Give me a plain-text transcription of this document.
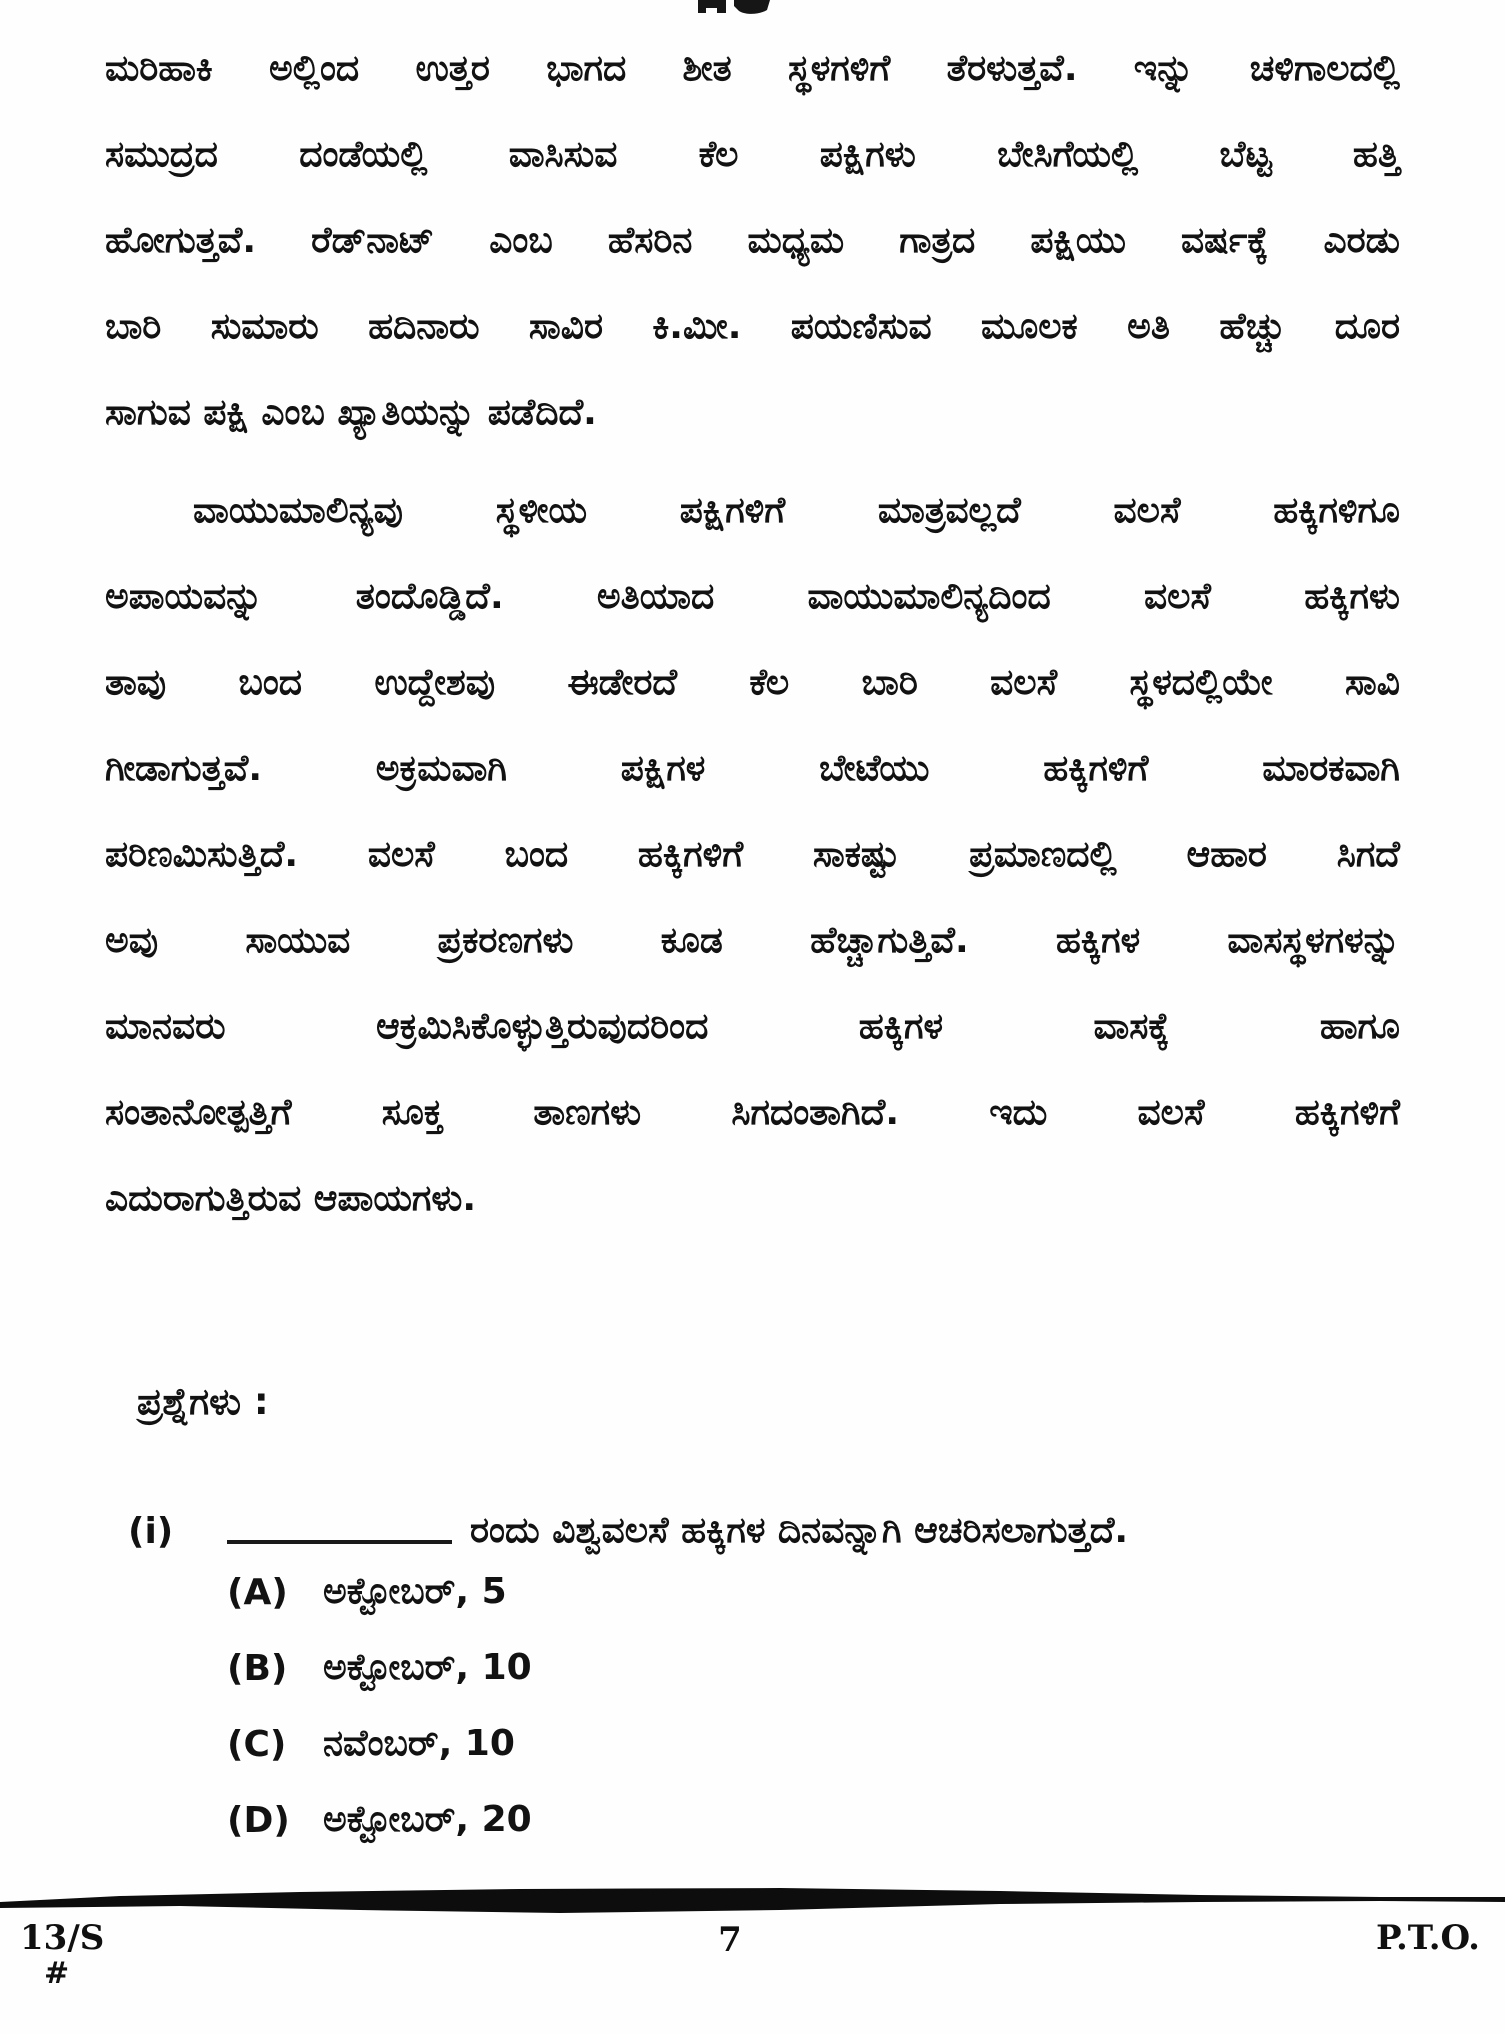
ಮರಿಹಾಕಿ ಅಲ್ಲಿಂದ ಉತ್ತರ ಭಾಗದ ಶೀತ ಸ್ಥಳಗಳಿಗೆ ತೆರಳುತ್ತವೆ. ಇನ್ನು ಚಳಿಗಾಲದಲ್ಲಿ
ಸಮುದ್ರದ ದಂಡೆಯಲ್ಲಿ ವಾಸಿಸುವ ಕೆಲ ಪಕ್ಷಿಗಳು ಬೇಸಿಗೆಯಲ್ಲಿ ಬೆಟ್ಟ ಹತ್ತಿ
ಹೋಗುತ್ತವೆ. ರೆಡ್‌ನಾಟ್ ಎಂಬ ಹೆಸರಿನ ಮಧ್ಯಮ ಗಾತ್ರದ ಪಕ್ಷಿಯು ವರ್ಷಕ್ಕೆ ಎರಡು
ಬಾರಿ ಸುಮಾರು ಹದಿನಾರು ಸಾವಿರ ಕಿ.ಮೀ. ಪಯಣಿಸುವ ಮೂಲಕ ಅತಿ ಹೆಚ್ಚು ದೂರ
ಸಾಗುವ ಪಕ್ಷಿ ಎಂಬ ಖ್ಯಾತಿಯನ್ನು ಪಡೆದಿದೆ.
ವಾಯುಮಾಲಿನ್ಯವು ಸ್ಥಳೀಯ ಪಕ್ಷಿಗಳಿಗೆ ಮಾತ್ರವಲ್ಲದೆ ವಲಸೆ ಹಕ್ಕಿಗಳಿಗೂ
ಅಪಾಯವನ್ನು ತಂದೊಡ್ಡಿದೆ. ಅತಿಯಾದ ವಾಯುಮಾಲಿನ್ಯದಿಂದ ವಲಸೆ ಹಕ್ಕಿಗಳು
ತಾವು ಬಂದ ಉದ್ದೇಶವು ಈಡೇರದೆ ಕೆಲ ಬಾರಿ ವಲಸೆ ಸ್ಥಳದಲ್ಲಿಯೇ ಸಾವಿ
ಗೀಡಾಗುತ್ತವೆ. ಅಕ್ರಮವಾಗಿ ಪಕ್ಷಿಗಳ ಬೇಟೆಯು ಹಕ್ಕಿಗಳಿಗೆ ಮಾರಕವಾಗಿ
ಪರಿಣಮಿಸುತ್ತಿದೆ. ವಲಸೆ ಬಂದ ಹಕ್ಕಿಗಳಿಗೆ ಸಾಕಷ್ಟು ಪ್ರಮಾಣದಲ್ಲಿ ಆಹಾರ ಸಿಗದೆ
ಅವು ಸಾಯುವ ಪ್ರಕರಣಗಳು ಕೂಡ ಹೆಚ್ಚಾಗುತ್ತಿವೆ. ಹಕ್ಕಿಗಳ ವಾಸಸ್ಥಳಗಳನ್ನು
ಮಾನವರು ಆಕ್ರಮಿಸಿಕೊಳ್ಳುತ್ತಿರುವುದರಿಂದ ಹಕ್ಕಿಗಳ ವಾಸಕ್ಕೆ ಹಾಗೂ
ಸಂತಾನೋತ್ಪತ್ತಿಗೆ ಸೂಕ್ತ ತಾಣಗಳು ಸಿಗದಂತಾಗಿದೆ. ಇದು ವಲಸೆ ಹಕ್ಕಿಗಳಿಗೆ
ಎದುರಾಗುತ್ತಿರುವ ಆಪಾಯಗಳು.
ಪ್ರಶ್ನೆಗಳು :
(i)	ರಂದು ವಿಶ್ವವಲಸೆ ಹಕ್ಕಿಗಳ ದಿನವನ್ನಾಗಿ ಆಚರಿಸಲಾಗುತ್ತದೆ.
(A) ಅಕ್ಟೋಬರ್, 5
(B) ಅಕ್ಟೋಬರ್, 10
(C)	ನವೆಂಬರ್, 10
(D) ಅಕ್ಟೋಬರ್, 20
13/S
#
7	P.T.O.
